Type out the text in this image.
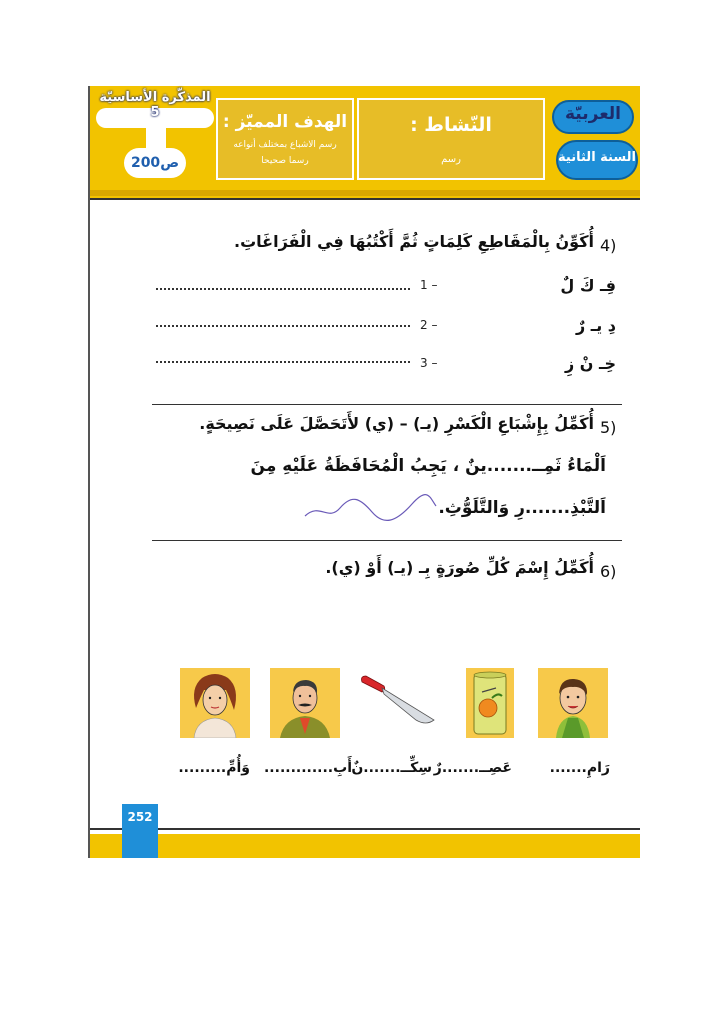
العربيّة
السنة الثانية
النّشاط :
رسم
الهدف المميّز :
رسم الاشباع بمختلف أنواعه
رسما صحيحا
المذكّرة الأساسيّة 5
ص200
4)
أُكَوِّنُ بِالْمَقَاطِعِ كَلِمَاتٍ ثُمَّ أَكْتُبُهَا فِي الْفَرَاغَاتِ.
فِـ كَ لٌ
1 –
دِ يـ رٌ
2 –
خِـ نْ زِ
3 –
5)
أُكَمِّلُ بِإِشْبَاعِ الْكَسْرِ (يـ) – (ي) لأَتَحَصَّلَ عَلَى نَصِيحَةٍ.
اَلْمَاءُ ثَمِــ.......ينٌ ، يَجِبُ الْمُحَافَظَةُ عَلَيْهِ مِنَ
اَلتَّبْذِ.......رِ وَالتَّلَوُّثِ.
6)
أُكَمِّلُ إِسْمَ كُلِّ صُورَةٍ بِـ (يـ) أَوْ (ي).
رَامِ.......
عَصِــ.......رٌ
سِكِّــ.......نٌ
أَبِ.............
وَأُمِّ.........
252
